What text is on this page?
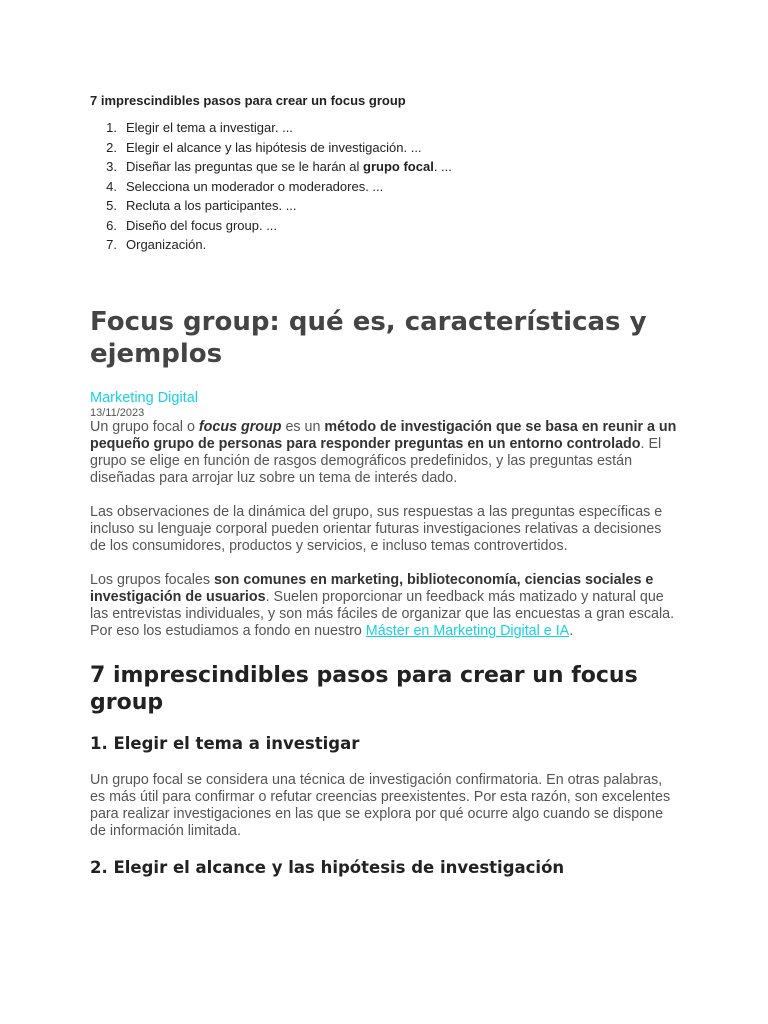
7 imprescindibles pasos para crear un focus group

1. Elegir el tema a investigar. ...
2. Elegir el alcance y las hipótesis de investigación. ...
3. Diseñar las preguntas que se le harán al grupo focal. ...
4. Selecciona un moderador o moderadores. ...
5. Recluta a los participantes. ...
6. Diseño del focus group. ...
7. Organización.
Focus group: qué es, características y ejemplos
Marketing Digital
13/11/2023

Un grupo focal o focus group es un método de investigación que se basa en reunir a un pequeño grupo de personas para responder preguntas en un entorno controlado. El grupo se elige en función de rasgos demográficos predefinidos, y las preguntas están diseñadas para arrojar luz sobre un tema de interés dado.

Las observaciones de la dinámica del grupo, sus respuestas a las preguntas específicas e incluso su lenguaje corporal pueden orientar futuras investigaciones relativas a decisiones de los consumidores, productos y servicios, e incluso temas controvertidos.

Los grupos focales son comunes en marketing, biblioteconomía, ciencias sociales e investigación de usuarios. Suelen proporcionar un feedback más matizado y natural que las entrevistas individuales, y son más fáciles de organizar que las encuestas a gran escala. Por eso los estudiamos a fondo en nuestro Máster en Marketing Digital e IA.

7 imprescindibles pasos para crear un focus group
1. Elegir el tema a investigar

Un grupo focal se considera una técnica de investigación confirmatoria. En otras palabras, es más útil para confirmar o refutar creencias preexistentes. Por esta razón, son excelentes para realizar investigaciones en las que se explora por qué ocurre algo cuando se dispone de información limitada.

2. Elegir el alcance y las hipótesis de investigación
